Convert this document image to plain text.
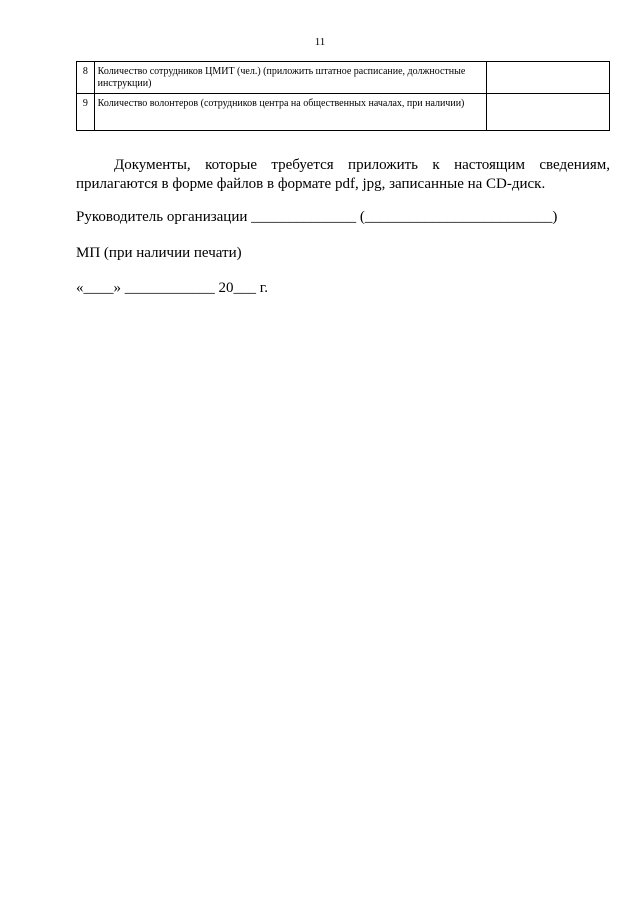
11
8	Количество сотрудников ЦМИТ (чел.) (приложить штатное расписание, должностные инструкции)	
9	Количество волонтеров (сотрудников центра на общественных началах, при наличии)	

Документы, которые требуется приложить к настоящим сведениям, прилагаются в форме файлов в формате pdf, jpg, записанные на CD-диск.

Руководитель организации ______________ (_________________________)
МП (при наличии печати)
«____» ____________ 20___ г.
